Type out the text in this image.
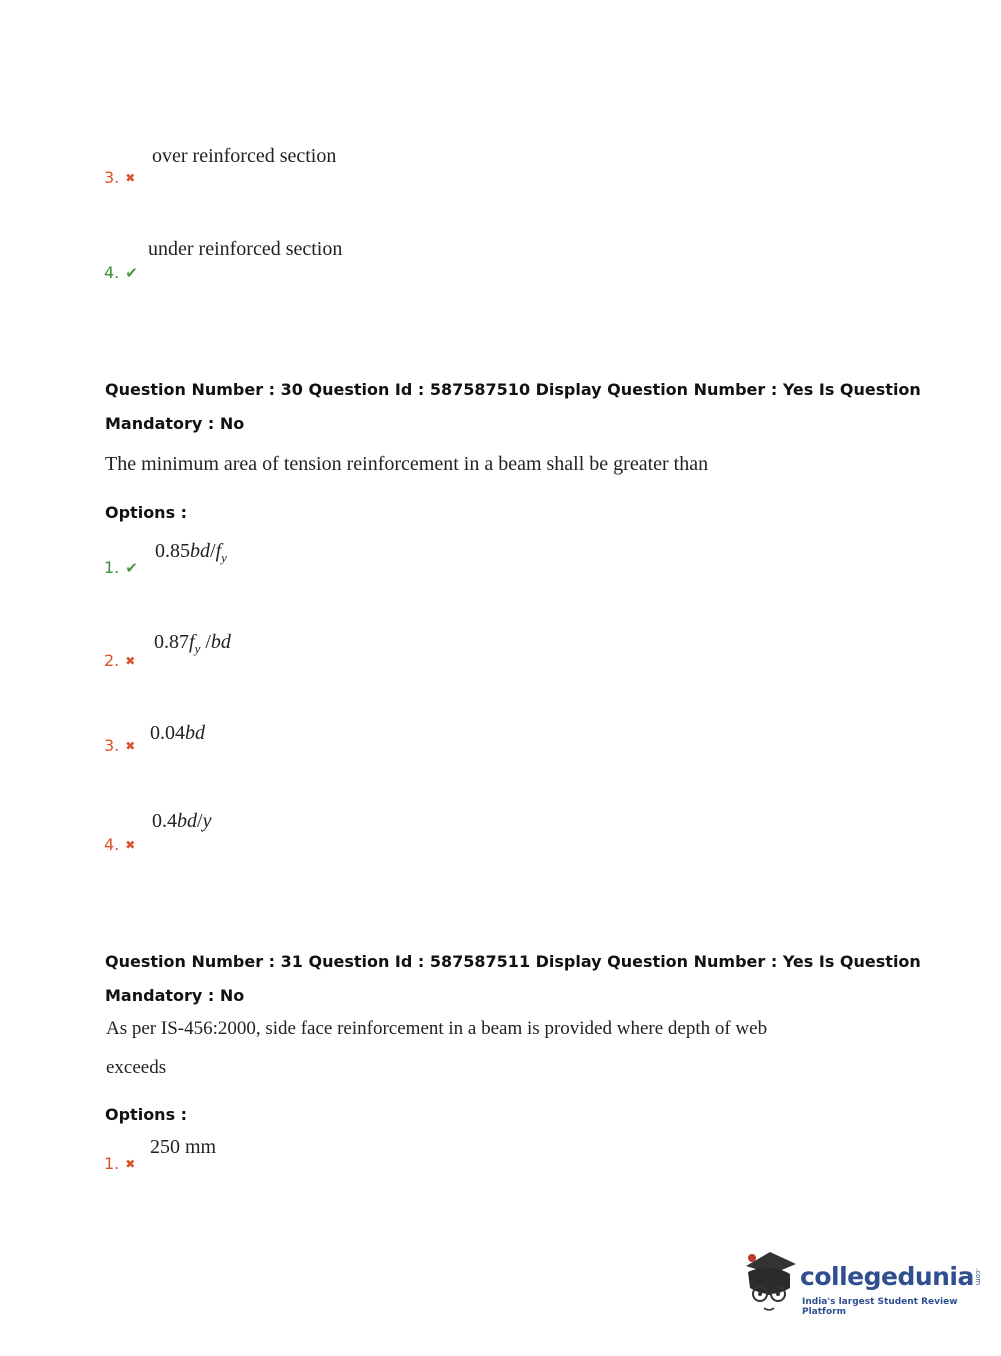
over reinforced section
3. ✖
under reinforced section
4. ✔
Question Number : 30 Question Id : 587587510 Display Question Number : Yes Is Question
Mandatory : No
The minimum area of tension reinforcement in a beam shall be greater than
Options :
$0.85bd/f_y$
1. ✔
$0.87f_y$ /bd
2. ✖
0.04bd
3. ✖
0.4bd/y
4. ✖
Question Number : 31 Question Id : 587587511 Display Question Number : Yes Is Question
Mandatory : No
As per IS-456:2000, side face reinforcement in a beam is provided where depth of web
exceeds
Options :
250 mm
1. ✖
collegedunia .com
India's largest Student Review Platform
